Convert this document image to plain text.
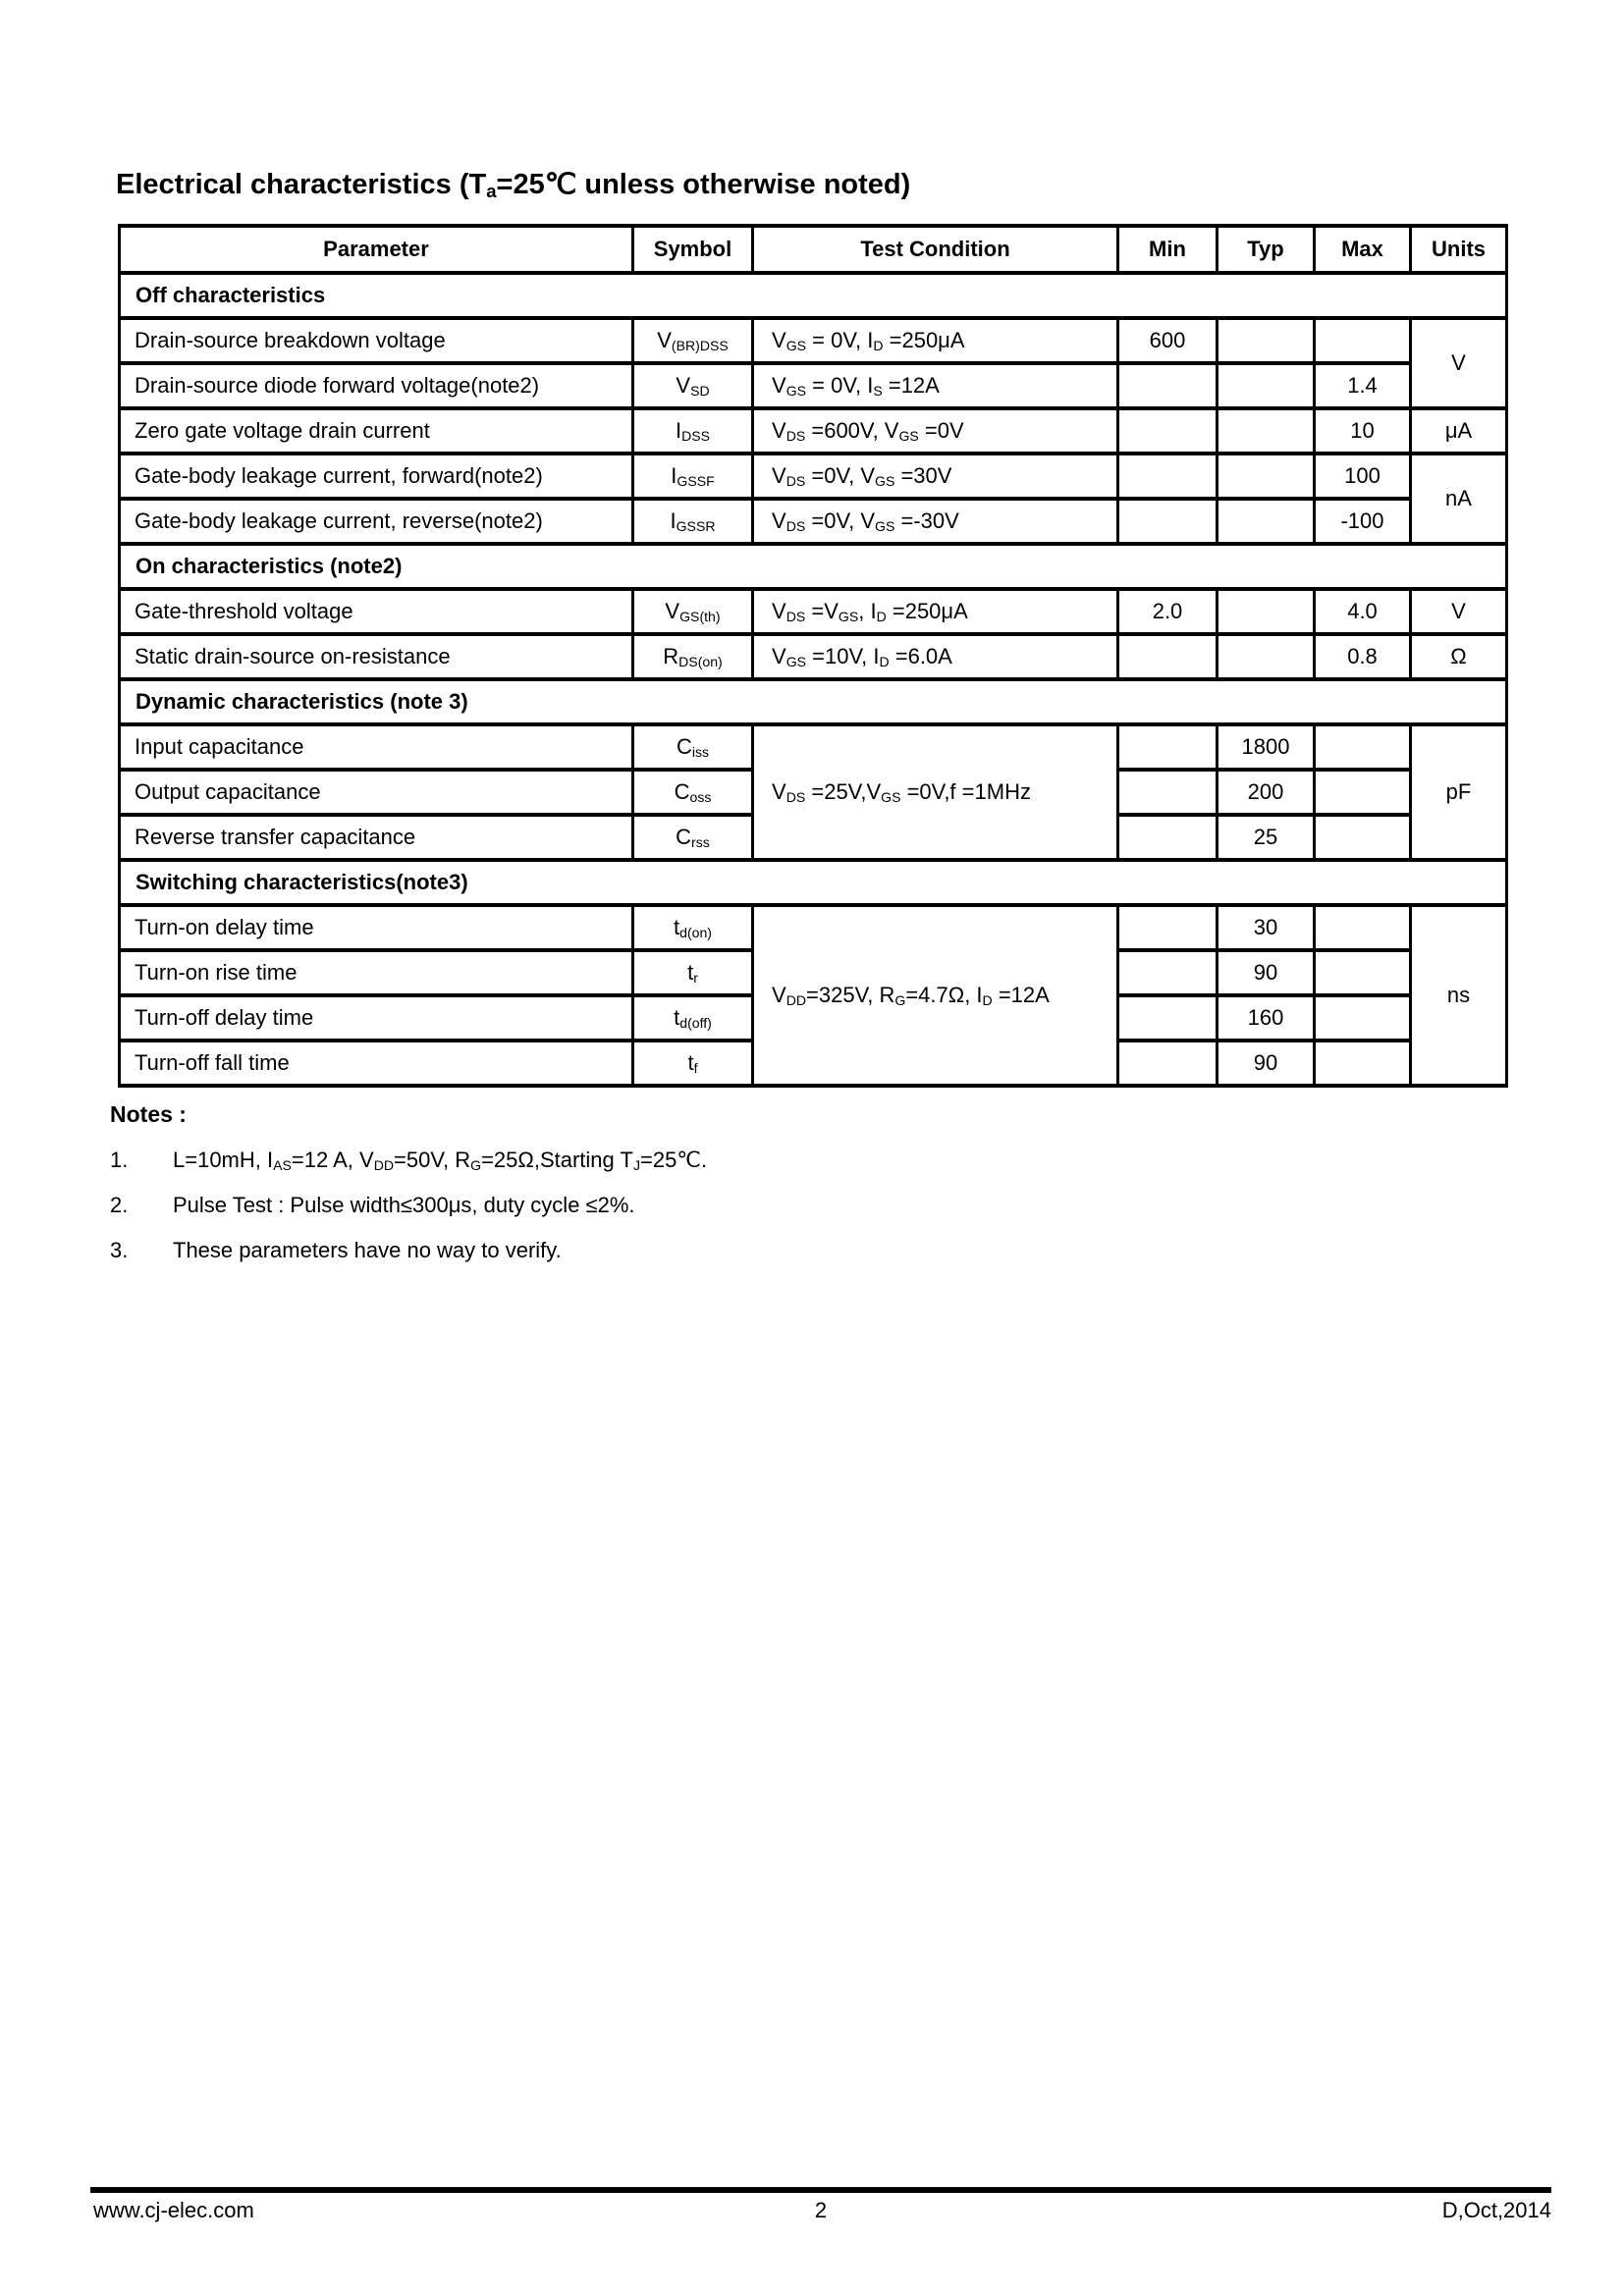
Electrical characteristics ($T_a=25℃$ unless otherwise noted)
Parameter	Symbol	Test Condition	Min	Typ	Max	Units
Off characteristics						
Drain-source breakdown voltage	$V_{(BR)DSS}$	$V_{GS} = 0V$, $I_D =250\mu A$	600			V
Drain-source diode forward voltage(note2)	$V_{SD}$	$V_{GS} = 0V$, $I_S =12A$			1.4	
Zero gate voltage drain current	$I_{DSS}$	$V_{DS} =600V$, $V_{GS} =0V$			10	μA
Gate-body leakage current, forward(note2)	$I_{GSSF}$	$V_{DS} =0V$, $V_{GS} =30V$			100	nA
Gate-body leakage current, reverse(note2)	$I_{GSSR}$	$V_{DS} =0V$, $V_{GS} =-30V$			-100	
On characteristics (note2)						
Gate-threshold voltage	$V_{GS(th)}$	$V_{DS} =V_{GS}$, $I_D =250\mu A$	2.0		4.0	V
Static drain-source on-resistance	$R_{DS(on)}$	$V_{GS} =10V$, $I_D =6.0A$			0.8	Ω
Dynamic characteristics (note 3)						
Input capacitance	$C_{iss}$	$V_{DS} =25V,V_{GS} =0V,f =1MHz$		1800		pF
Output capacitance	$C_{oss}$			200		
Reverse transfer capacitance	$C_{rss}$			25		
Switching characteristics(note3)						
Turn-on delay time	$t_{d(on)}$	$V_{DD}=325V$, $R_G=4.7\Omega$, $I_D =12A$		30		ns
Turn-on rise time	$t_r$			90		
Turn-off delay time	$t_{d(off)}$			160		
Turn-off fall time	$t_f$			90		
Notes :
1.	L=10mH, $I_{AS}=12$ A, $V_{DD}=50V$, $R_G=25\Omega,Starting$ $T_J=25℃$.
2.	Pulse Test : Pulse width≤300μs, duty cycle ≤2%.
3.	These parameters have no way to verify.
www.cj-elec.com	2	D,Oct,2014
